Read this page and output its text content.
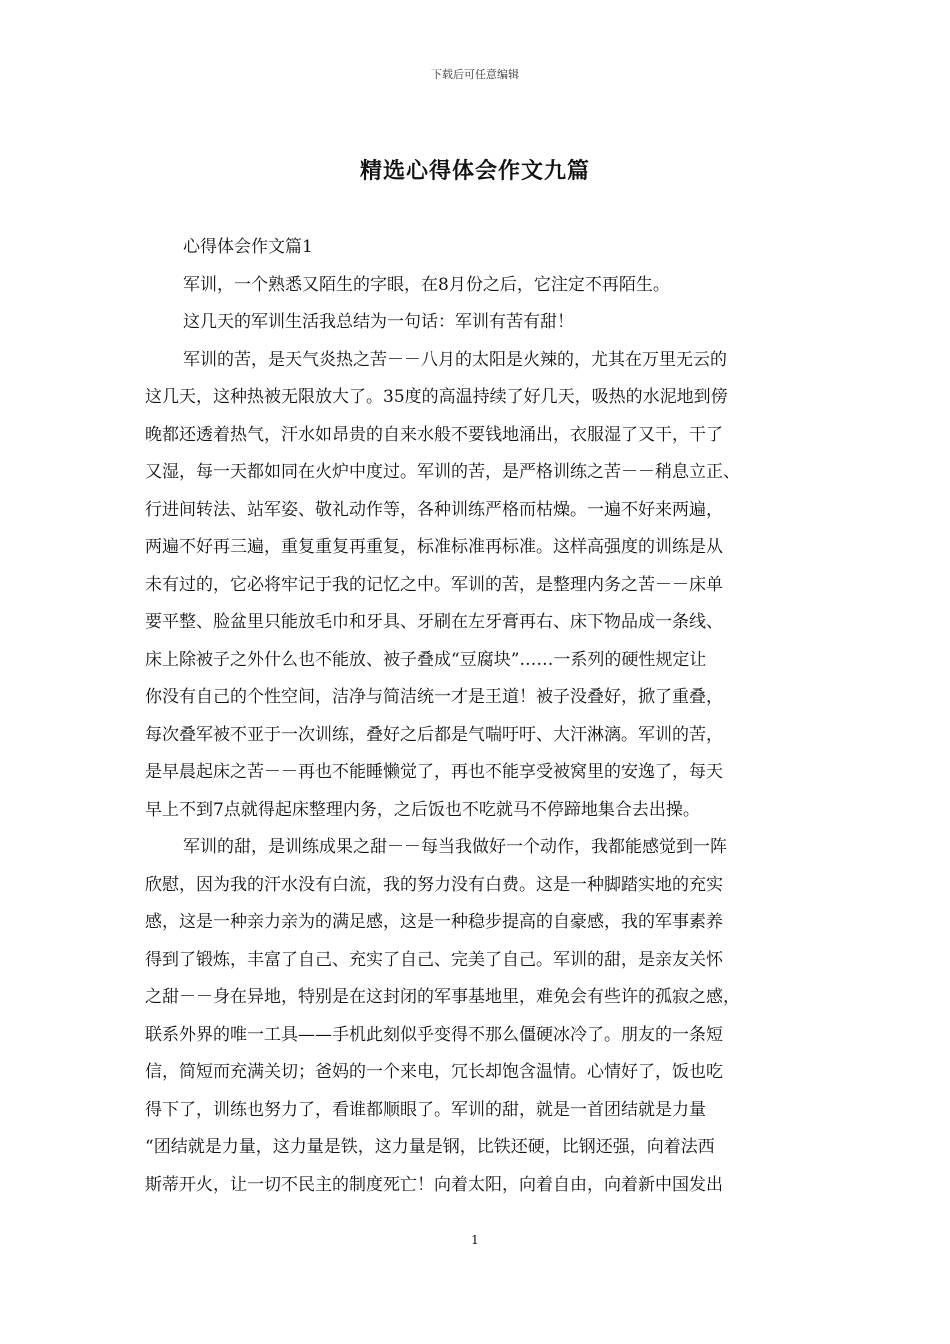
下载后可任意编辑
精选心得体会作文九篇
心得体会作文篇1
军训，一个熟悉又陌生的字眼，在8月份之后，它注定不再陌生。
这几天的军训生活我总结为一句话：军训有苦有甜！
军训的苦，是天气炎热之苦－－八月的太阳是火辣的，尤其在万里无云的
这几天，这种热被无限放大了。35度的高温持续了好几天，吸热的水泥地到傍
晚都还透着热气，汗水如昂贵的自来水般不要钱地涌出，衣服湿了又干，干了
又湿，每一天都如同在火炉中度过。军训的苦，是严格训练之苦－－稍息立正、
行进间转法、站军姿、敬礼动作等，各种训练严格而枯燥。一遍不好来两遍，
两遍不好再三遍，重复重复再重复，标准标准再标准。这样高强度的训练是从
未有过的，它必将牢记于我的记忆之中。军训的苦，是整理内务之苦－－床单
要平整、脸盆里只能放毛巾和牙具、牙刷在左牙膏再右、床下物品成一条线、
床上除被子之外什么也不能放、被子叠成“豆腐块”……一系列的硬性规定让
你没有自己的个性空间，洁净与简洁统一才是王道！被子没叠好，掀了重叠，
每次叠军被不亚于一次训练，叠好之后都是气喘吁吁、大汗淋漓。军训的苦，
是早晨起床之苦－－再也不能睡懒觉了，再也不能享受被窝里的安逸了，每天
早上不到7点就得起床整理内务，之后饭也不吃就马不停蹄地集合去出操。
军训的甜，是训练成果之甜－－每当我做好一个动作，我都能感觉到一阵
欣慰，因为我的汗水没有白流，我的努力没有白费。这是一种脚踏实地的充实
感，这是一种亲力亲为的满足感，这是一种稳步提高的自豪感，我的军事素养
得到了锻炼，丰富了自己、充实了自己、完美了自己。军训的甜，是亲友关怀
之甜－－身在异地，特别是在这封闭的军事基地里，难免会有些许的孤寂之感，
联系外界的唯一工具——手机此刻似乎变得不那么僵硬冰冷了。朋友的一条短
信，简短而充满关切；爸妈的一个来电，冗长却饱含温情。心情好了，饭也吃
得下了，训练也努力了，看谁都顺眼了。军训的甜，就是一首团结就是力量
“团结就是力量，这力量是铁，这力量是钢，比铁还硬，比钢还强，向着法西
斯蒂开火，让一切不民主的制度死亡！向着太阳，向着自由，向着新中国发出
1
